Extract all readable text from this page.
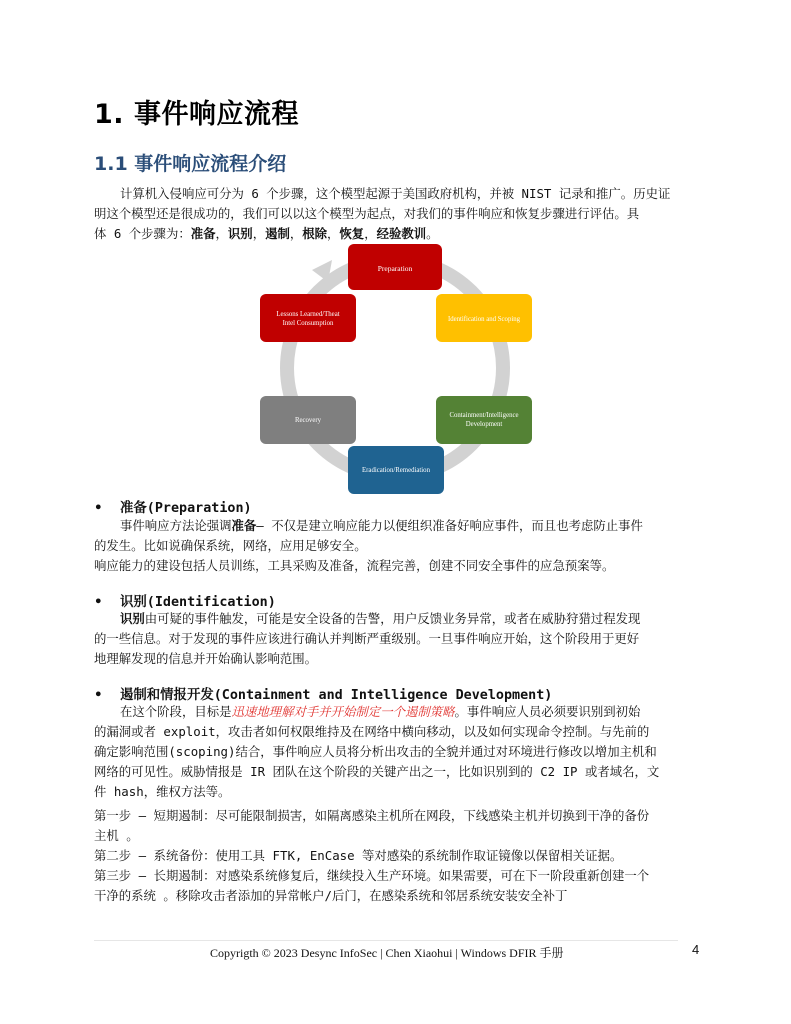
1. 事件响应流程
1.1 事件响应流程介绍
计算机入侵响应可分为 6 个步骤，这个模型起源于美国政府机构，并被 NIST 记录和推广。历史证
明这个模型还是很成功的，我们可以以这个模型为起点，对我们的事件响应和恢复步骤进行评估。具
体 6 个步骤为：准备，识别，遏制，根除，恢复，经验教训。
Preparation
Identification and Scoping
Containment/Intelligence
Development
Eradication/Remediation
Recovery
Lessons Learned/Theat
Intel Consumption
• 准备(Preparation)
事件响应方法论强调准备— 不仅是建立响应能力以便组织准备好响应事件，而且也考虑防止事件
的发生。比如说确保系统，网络，应用足够安全。
响应能力的建设包括人员训练，工具采购及准备，流程完善，创建不同安全事件的应急预案等。
• 识别(Identification)
识别由可疑的事件触发，可能是安全设备的告警，用户反馈业务异常，或者在威胁狩猎过程发现
的一些信息。对于发现的事件应该进行确认并判断严重级别。一旦事件响应开始，这个阶段用于更好
地理解发现的信息并开始确认影响范围。
• 遏制和情报开发(Containment and Intelligence Development)
在这个阶段，目标是迅速地理解对手并开始制定一个遏制策略。事件响应人员必须要识别到初始
的漏洞或者 exploit，攻击者如何权限维持及在网络中横向移动，以及如何实现命令控制。与先前的
确定影响范围(scoping)结合，事件响应人员将分析出攻击的全貌并通过对环境进行修改以增加主机和
网络的可见性。威胁情报是 IR 团队在这个阶段的关键产出之一，比如识别到的 C2 IP 或者域名，文
件 hash，维权方法等。
第一步 – 短期遏制：尽可能限制损害，如隔离感染主机所在网段，下线感染主机并切换到干净的备份
主机 。
第二步 – 系统备份：使用工具 FTK, EnCase 等对感染的系统制作取证镜像以保留相关证据。
第三步 – 长期遏制：对感染系统修复后，继续投入生产环境。如果需要，可在下一阶段重新创建一个
干净的系统 。移除攻击者添加的异常帐户/后门，在感染系统和邻居系统安装安全补丁
Copyrigth © 2023 Desync InfoSec | Chen Xiaohui | Windows DFIR 手册	4
